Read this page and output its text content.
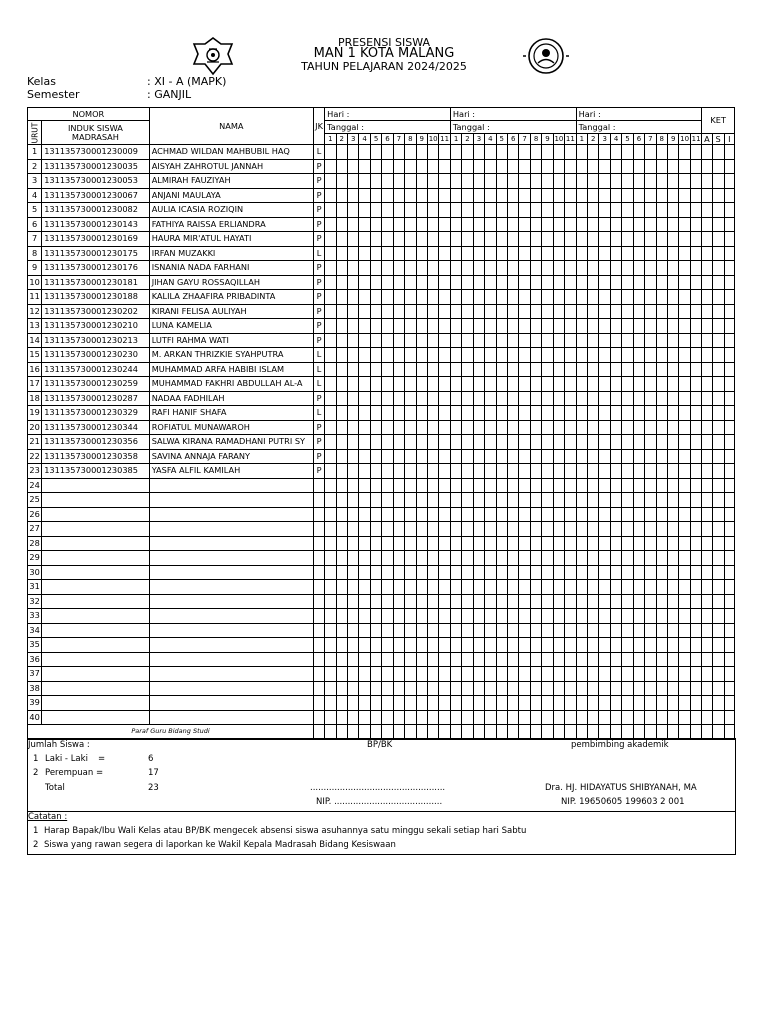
PRESENSI SISWA
MAN 1 KOTA MALANG
TAHUN PELAJARAN 2024/2025
Kelas	: XI - A (MAPK)
Semester	: GANJIL
NOMOR		NAMA	JK	Hari :											Hari :											Hari :											KET		

URUT	INDUK SISWA
MADRASAH			Tanggal :											Tanggal :											Tanggal :													
				1	2	3	4	5	6	7	8	9	10	11	1	2	3	4	5	6	7	8	9	10	11	1	2	3	4	5	6	7	8	9	10	11	A	S	I
1	131135730001230009	ACHMAD WILDAN MAHBUBIL HAQ	L																																				
2	131135730001230035	AISYAH ZAHROTUL JANNAH	P																																				
3	131135730001230053	ALMIRAH FAUZIYAH	P																																				
4	131135730001230067	ANJANI MAULAYA	P																																				
5	131135730001230082	AULIA ICASIA ROZIQIN	P																																				
6	131135730001230143	FATHIYA RAISSA ERLIANDRA	P																																				
7	131135730001230169	HAURA MIR'ATUL HAYATI	P																																				
8	131135730001230175	IRFAN MUZAKKI	L																																				
9	131135730001230176	ISNANIA NADA FARHANI	P																																				
10	131135730001230181	JIHAN GAYU ROSSAQILLAH	P																																				
11	131135730001230188	KALILA ZHAAFIRA PRIBADINTA	P																																				
12	131135730001230202	KIRANI FELISA AULIYAH	P																																				
13	131135730001230210	LUNA KAMELIA	P																																				
14	131135730001230213	LUTFI RAHMA WATI	P																																				
15	131135730001230230	M. ARKAN THRIZKIE SYAHPUTRA	L																																				
16	131135730001230244	MUHAMMAD ARFA HABIBI ISLAM	L																																				
17	131135730001230259	MUHAMMAD FAKHRI ABDULLAH AL-A	L																																				
18	131135730001230287	NADAA FADHILAH	P																																				
19	131135730001230329	RAFI HANIF SHAFA	L																																				
20	131135730001230344	ROFIATUL MUNAWAROH	P																																				
21	131135730001230356	SALWA KIRANA RAMADHANI PUTRI SY	P																																				
22	131135730001230358	SAVINA ANNAJA FARANY	P																																				
23	131135730001230385	YASFA ALFIL KAMILAH	P																																				
24																																							
25																																							
26																																							
27																																							
28																																							
29																																							
30																																							
31																																							
32																																							
33																																							
34																																							
35																																							
36																																							
37																																							
38																																							
39																																							
40																																							
Paraf Guru Bidang Studi																																							
Jumlah Siswa :	BP/BK	pembimbing akademik
1 Laki - Laki =	6
2 Perempuan =	17
Total	23	..................................................	Dra. HJ. HIDAYATUS SHIBYANAH, MA
NIP. ........................................	NIP. 19650605 199603 2 001
Catatan :
1 Harap Bapak/Ibu Wali Kelas atau BP/BK mengecek absensi siswa asuhannya satu minggu sekali setiap hari Sabtu
2 Siswa yang rawan segera di laporkan ke Wakil Kepala Madrasah Bidang Kesiswaan
